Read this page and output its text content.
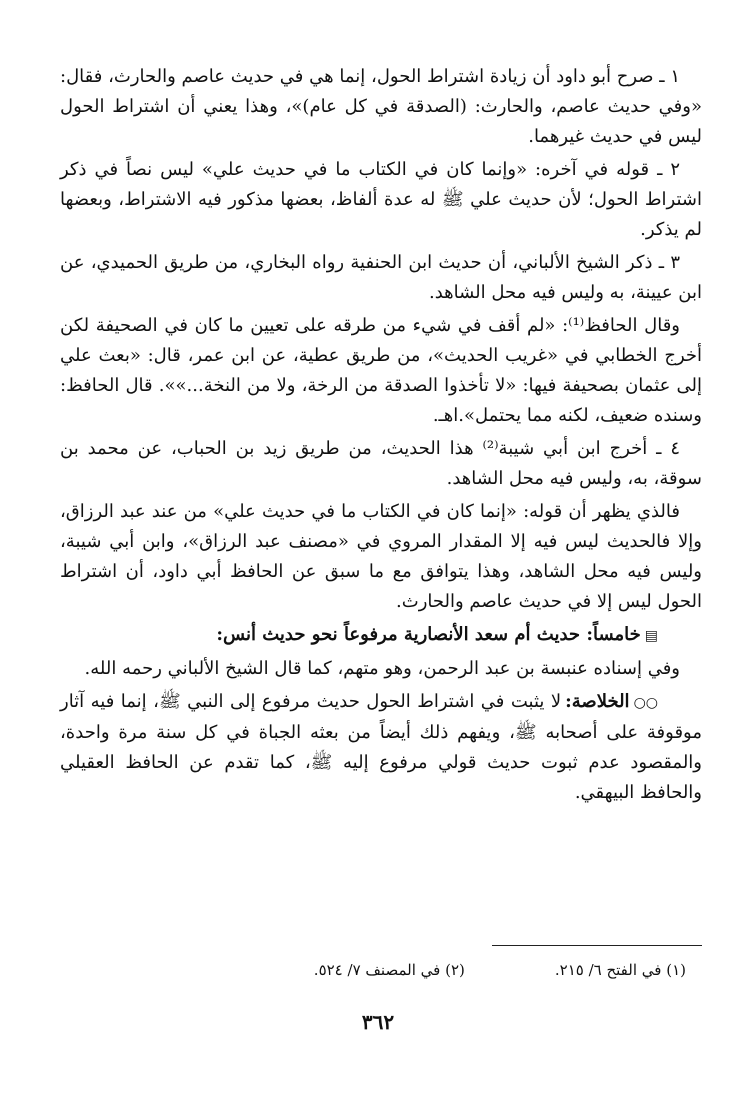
١ ـ صرح أبو داود أن زيادة اشتراط الحول، إنما هي في حديث عاصم والحارث، فقال: «وفي حديث عاصم، والحارث: (الصدقة في كل عام)»، وهذا يعني أن اشتراط الحول ليس في حديث غيرهما.

٢ ـ قوله في آخره: «وإنما كان في الكتاب ما في حديث علي» ليس نصاً في ذكر اشتراط الحول؛ لأن حديث علي ﷺ له عدة ألفاظ، بعضها مذكور فيه الاشتراط، وبعضها لم يذكر.

٣ ـ ذكر الشيخ الألباني، أن حديث ابن الحنفية رواه البخاري، من طريق الحميدي، عن ابن عيينة، به وليس فيه محل الشاهد.

وقال الحافظ⁽¹⁾: «لم أقف في شيء من طرقه على تعيين ما كان في الصحيفة لكن أخرج الخطابي في «غريب الحديث»، من طريق عطية، عن ابن عمر، قال: «بعث علي إلى عثمان بصحيفة فيها: «لا تأخذوا الصدقة من الرخة، ولا من النخة...»». قال الحافظ: وسنده ضعيف، لكنه مما يحتمل».اهـ.

٤ ـ أخرج ابن أبي شيبة⁽²⁾ هذا الحديث، من طريق زيد بن الحباب، عن محمد بن سوقة، به، وليس فيه محل الشاهد.

فالذي يظهر أن قوله: «إنما كان في الكتاب ما في حديث علي» من عند عبد الرزاق، وإلا فالحديث ليس فيه إلا المقدار المروي في «مصنف عبد الرزاق»، وابن أبي شيبة، وليس فيه محل الشاهد، وهذا يتوافق مع ما سبق عن الحافظ أبي داود، أن اشتراط الحول ليس إلا في حديث عاصم والحارث.

▤خامساً: حديث أم سعد الأنصارية مرفوعاً نحو حديث أنس:

وفي إسناده عنبسة بن عبد الرحمن، وهو متهم، كما قال الشيخ الألباني رحمه الله.

○○الخلاصة:لا يثبت في اشتراط الحول حديث مرفوع إلى النبي ﷺ، إنما فيه آثار موقوفة على أصحابه ﷺ، ويفهم ذلك أيضاً من بعثه الجباة في كل سنة مرة واحدة، والمقصود عدم ثبوت حديث قولي مرفوع إليه ﷺ، كما تقدم عن الحافظ العقيلي والحافظ البيهقي.

(١) في الفتح ٦/ ٢١٥.
(٢) في المصنف ٧/ ٥٢٤.
٣٦٢
